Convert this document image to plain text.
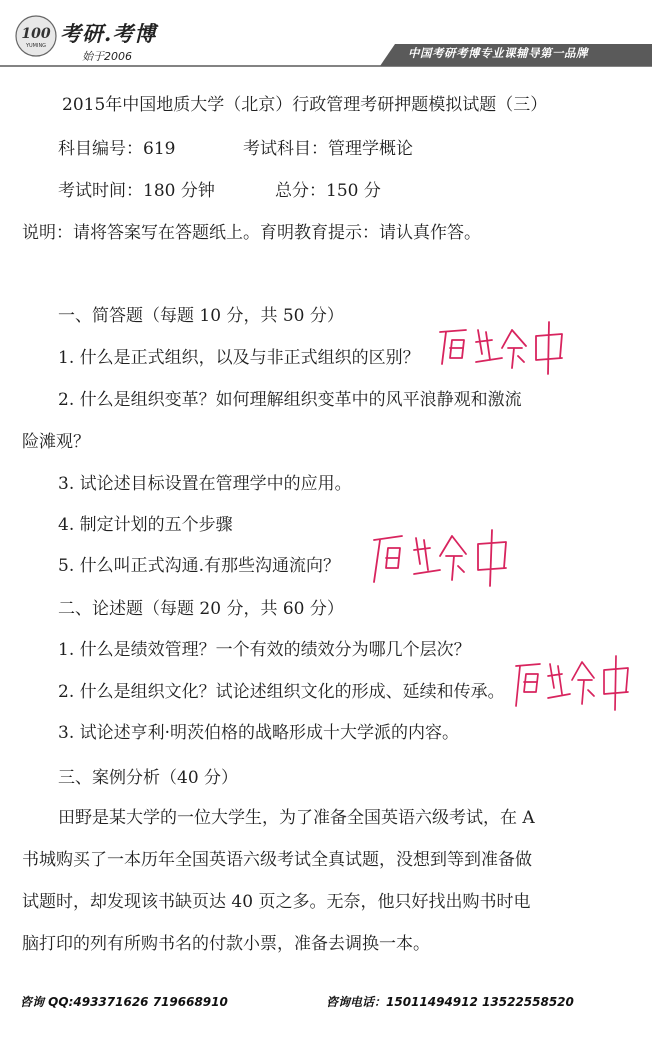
100
YUMING 考研.考博
始于2006	中国考研考博专业课辅导第一品牌
2015年中国地质大学（北京）行政管理考研押题模拟试题（三）
科目编号：619	考试科目：管理学概论
考试时间：180 分钟	总分：150 分
说明：请将答案写在答题纸上。育明教育提示：请认真作答。
一、简答题（每题 10 分，共 50 分）
1. 什么是正式组织，以及与非正式组织的区别？
2. 什么是组织变革？如何理解组织变革中的风平浪静观和激流
险滩观？
3. 试论述目标设置在管理学中的应用。
4. 制定计划的五个步骤
5. 什么叫正式沟通.有那些沟通流向？
二、论述题（每题 20 分，共 60 分）
1. 什么是绩效管理？一个有效的绩效分为哪几个层次？
2. 什么是组织文化？试论述组织文化的形成、延续和传承。
3. 试论述亨利·明茨伯格的战略形成十大学派的内容。
三、案例分析（40 分）
田野是某大学的一位大学生，为了准备全国英语六级考试，在 A
书城购买了一本历年全国英语六级考试全真试题，没想到等到准备做
试题时，却发现该书缺页达 40 页之多。无奈，他只好找出购书时电
脑打印的列有所购书名的付款小票，准备去调换一本。
咨询 QQ:493371626 719668910	咨询电话：15011494912 13522558520
